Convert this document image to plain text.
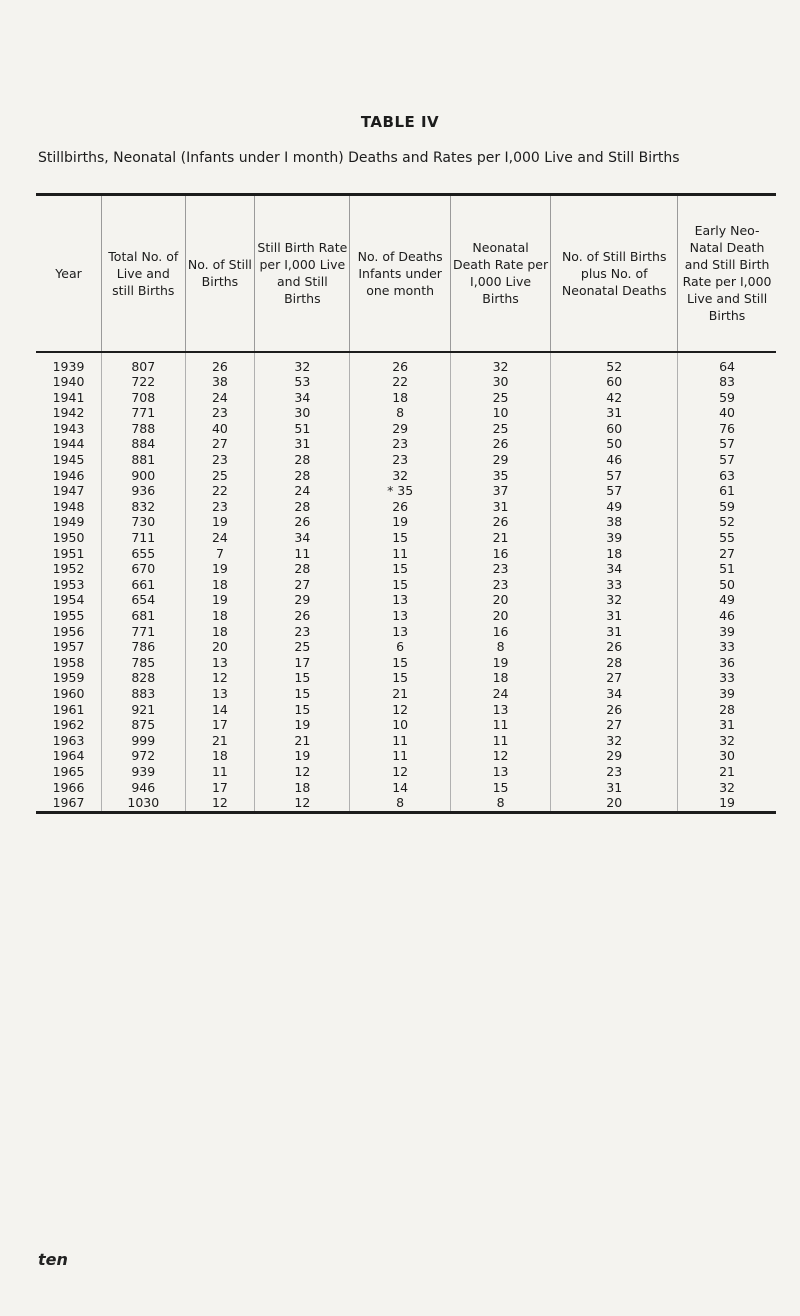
TABLE IV
Stillbirths, Neonatal (Infants under I month) Deaths and Rates per I,000 Live and Still Births
Year	Total No. of Live and still Births	No. of Still Births	Still Birth Rate per I,000 Live and Still Births	No. of Deaths Infants under one month	Neonatal Death Rate per I,000 Live Births	No. of Still Births plus No. of Neonatal Deaths	Early Neo-Natal Death and Still Birth Rate per I,000 Live and Still Births
1939	807	26	32	26	32	52	64
1940	722	38	53	22	30	60	83
1941	708	24	34	18	25	42	59
1942	771	23	30	8	10	31	40
1943	788	40	51	29	25	60	76
1944	884	27	31	23	26	50	57
1945	881	23	28	23	29	46	57
1946	900	25	28	32	35	57	63
1947	936	22	24	* 35	37	57	61
1948	832	23	28	26	31	49	59
1949	730	19	26	19	26	38	52
1950	711	24	34	15	21	39	55
1951	655	7	11	11	16	18	27
1952	670	19	28	15	23	34	51
1953	661	18	27	15	23	33	50
1954	654	19	29	13	20	32	49
1955	681	18	26	13	20	31	46
1956	771	18	23	13	16	31	39
1957	786	20	25	6	8	26	33
1958	785	13	17	15	19	28	36
1959	828	12	15	15	18	27	33
1960	883	13	15	21	24	34	39
1961	921	14	15	12	13	26	28
1962	875	17	19	10	11	27	31
1963	999	21	21	11	11	32	32
1964	972	18	19	11	12	29	30
1965	939	11	12	12	13	23	21
1966	946	17	18	14	15	31	32
1967	1030	12	12	8	8	20	19
ten
